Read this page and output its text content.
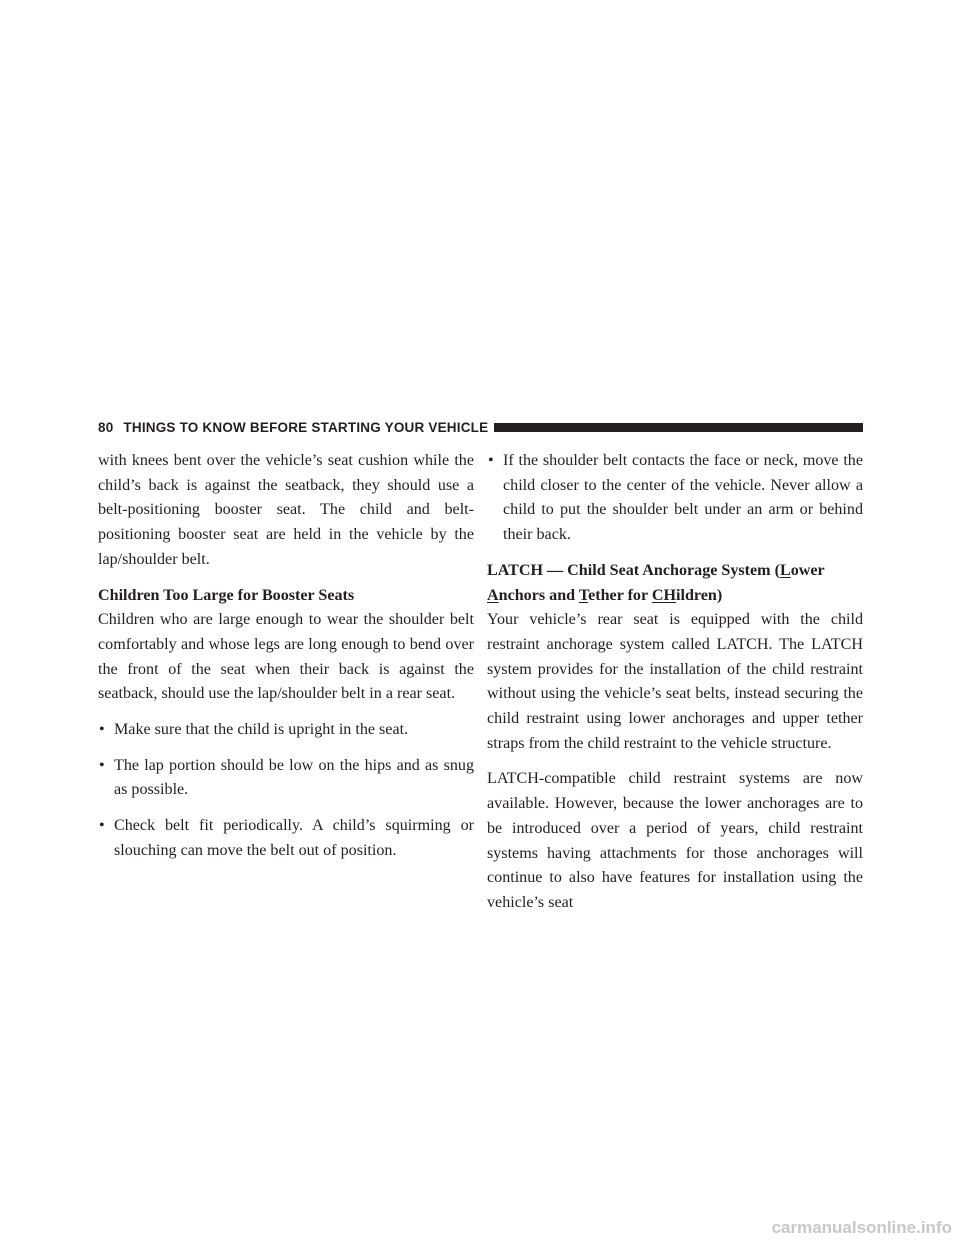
80 THINGS TO KNOW BEFORE STARTING YOUR VEHICLE

with knees bent over the vehicle’s seat cushion while the child’s back is against the seatback, they should use a belt-positioning booster seat. The child and belt-positioning booster seat are held in the vehicle by the lap/shoulder belt.

Children Too Large for Booster Seats

Children who are large enough to wear the shoulder belt comfortably and whose legs are long enough to bend over the front of the seat when their back is against the seatback, should use the lap/shoulder belt in a rear seat.

• Make sure that the child is upright in the seat.
• The lap portion should be low on the hips and as snug as possible.
• Check belt fit periodically. A child’s squirming or slouching can move the belt out of position.
• If the shoulder belt contacts the face or neck, move the child closer to the center of the vehicle. Never allow a child to put the shoulder belt under an arm or behind their back.

LATCH — Child Seat Anchorage System (Lower Anchors and Tether for CHildren)

Your vehicle’s rear seat is equipped with the child restraint anchorage system called LATCH. The LATCH system provides for the installation of the child restraint without using the vehicle’s seat belts, instead securing the child restraint using lower anchorages and upper tether straps from the child restraint to the vehicle structure.

LATCH-compatible child restraint systems are now available. However, because the lower anchorages are to be introduced over a period of years, child restraint systems having attachments for those anchorages will continue to also have features for installation using the vehicle’s seat

carmanualsonline.info
